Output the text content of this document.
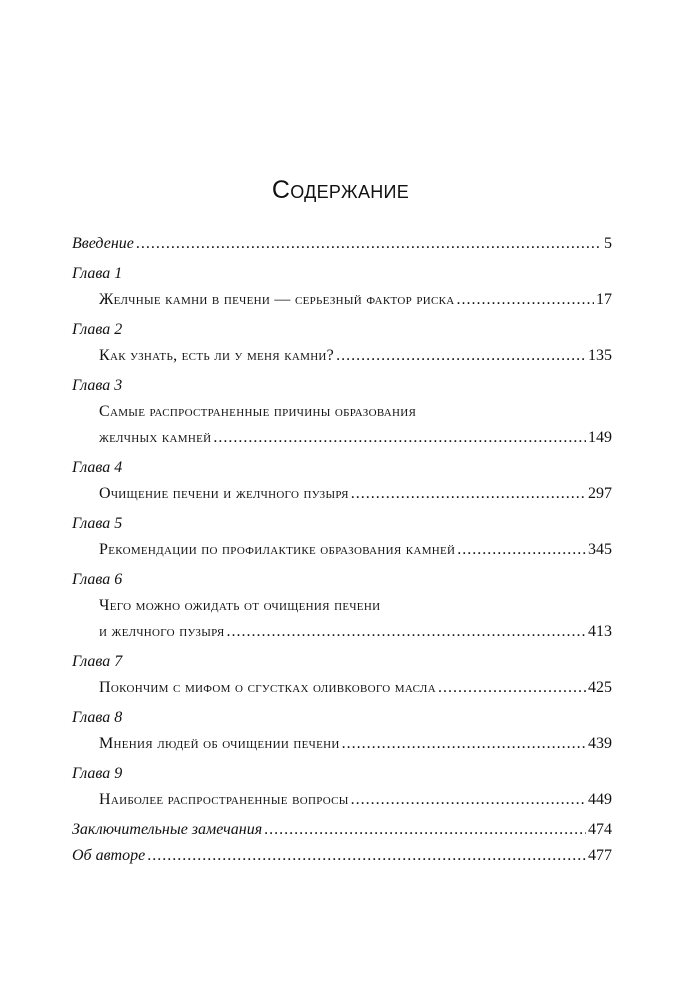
Содержание
Введение .....	5
Глава 1
Желчные камни в печени — серьезный фактор риска .....	17
Глава 2
Как узнать, есть ли у меня камни? .....	135
Глава 3
Самые распространенные причины образования
желчных камней .....	149
Глава 4
Очищение печени и желчного пузыря .....	297
Глава 5
Рекомендации по профилактике образования камней .....	345
Глава 6
Чего можно ожидать от очищения печени
и желчного пузыря .....	413
Глава 7
Покончим с мифом о сгустках оливкового масла .....	425
Глава 8
Мнения людей об очищении печени .....	439
Глава 9
Наиболее распространенные вопросы .....	449
Заключительные замечания .....	474
Об авторе .....	477
